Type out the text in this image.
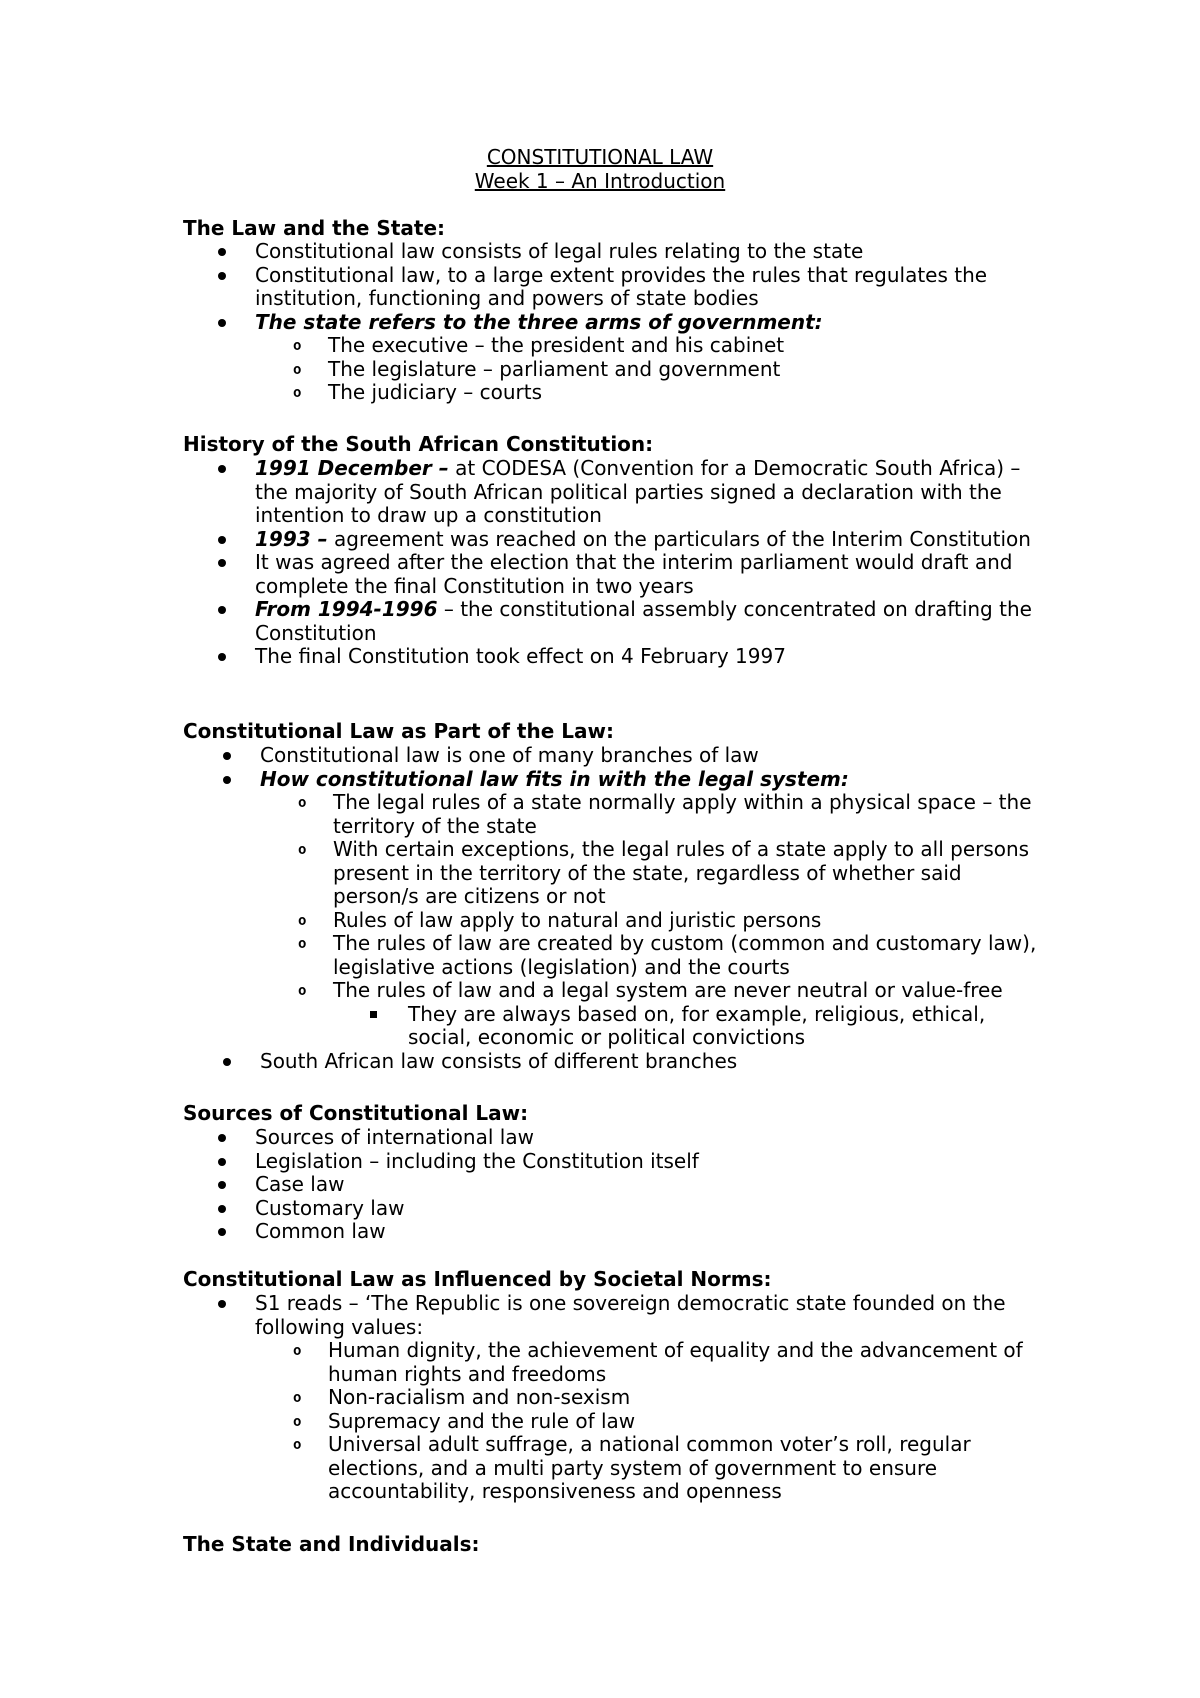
CONSTITUTIONAL LAW
Week 1 – An Introduction
The Law and the State:
Constitutional law consists of legal rules relating to the state
Constitutional law, to a large extent provides the rules that regulates the institution, functioning and powers of state bodies
The state refers to the three arms of government:
o The executive – the president and his cabinet
o The legislature – parliament and government
o The judiciary – courts
History of the South African Constitution:
1991 December – at CODESA (Convention for a Democratic South Africa) – the majority of South African political parties signed a declaration with the intention to draw up a constitution
1993 – agreement was reached on the particulars of the Interim Constitution
It was agreed after the election that the interim parliament would draft and complete the final Constitution in two years
From 1994-1996 – the constitutional assembly concentrated on drafting the Constitution
The final Constitution took effect on 4 February 1997
Constitutional Law as Part of the Law:
Constitutional law is one of many branches of law
How constitutional law fits in with the legal system:
o The legal rules of a state normally apply within a physical space – the territory of the state
o With certain exceptions, the legal rules of a state apply to all persons present in the territory of the state, regardless of whether said person/s are citizens or not
o Rules of law apply to natural and juristic persons
o The rules of law are created by custom (common and customary law), legislative actions (legislation) and the courts
o The rules of law and a legal system are never neutral or value-free
They are always based on, for example, religious, ethical, social, economic or political convictions
South African law consists of different branches
Sources of Constitutional Law:
Sources of international law
Legislation – including the Constitution itself
Case law
Customary law
Common law
Constitutional Law as Influenced by Societal Norms:
S1 reads – ‘The Republic is one sovereign democratic state founded on the following values:
o Human dignity, the achievement of equality and the advancement of human rights and freedoms
o Non-racialism and non-sexism
o Supremacy and the rule of law
o Universal adult suffrage, a national common voter’s roll, regular elections, and a multi party system of government to ensure accountability, responsiveness and openness
The State and Individuals:
